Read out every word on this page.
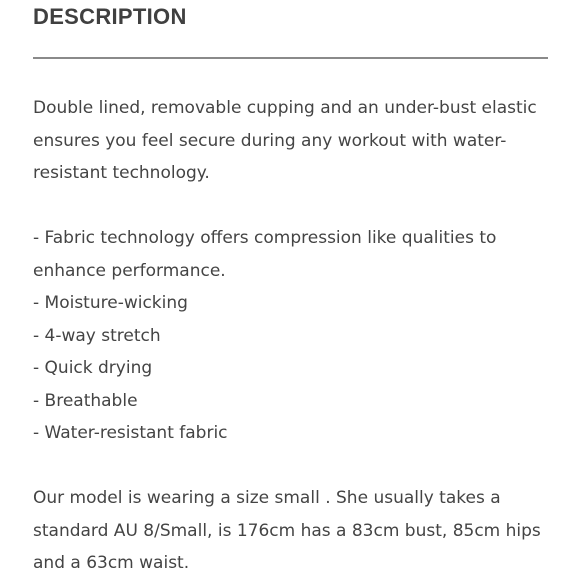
DESCRIPTION

Double lined, removable cupping and an under-bust elastic

ensures you feel secure during any workout with water-

resistant technology.

- Fabric technology offers compression like qualities to

enhance performance.

- Moisture-wicking

- 4-way stretch

- Quick drying

- Breathable

- Water-resistant fabric

Our model is wearing a size small . She usually takes a

standard AU 8/Small, is 176cm has a 83cm bust, 85cm hips

and a 63cm waist.
